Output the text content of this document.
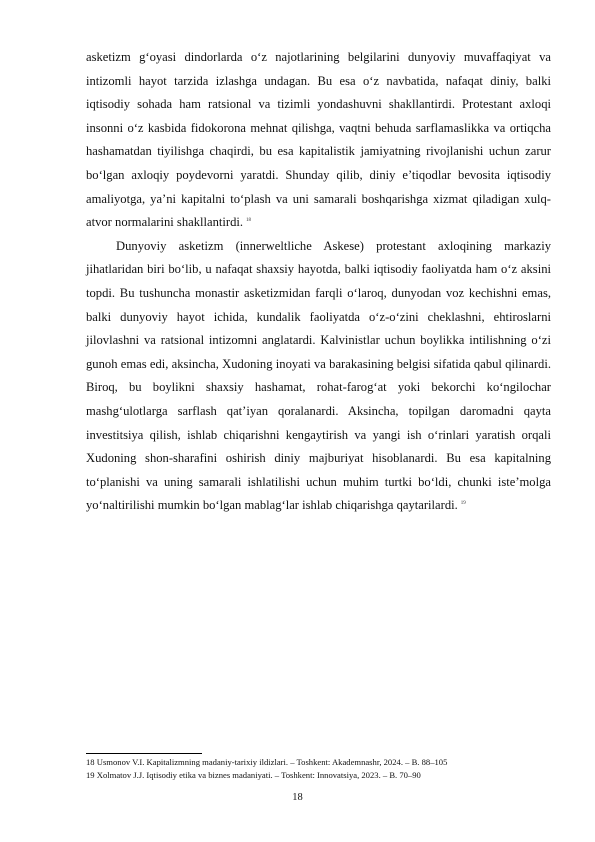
asketizm g‘oyasi dindorlarda o‘z najotlarining belgilarini dunyoviy muvaffaqiyat va intizomli hayot tarzida izlashga undagan. Bu esa o‘z navbatida, nafaqat diniy, balki iqtisodiy sohada ham ratsional va tizimli yondashuvni shakllantirdi. Protestant axloqi insonni o‘z kasbida fidokorona mehnat qilishga, vaqtni behuda sarflamaslikka va ortiqcha hashamatdan tiyilishga chaqirdi, bu esa kapitalistik jamiyatning rivojlanishi uchun zarur bo‘lgan axloqiy poydevorni yaratdi. Shunday qilib, diniy e’tiqodlar bevosita iqtisodiy amaliyotga, ya’ni kapitalni to‘plash va uni samarali boshqarishga xizmat qiladigan xulq-atvor normalarini shakllantirdi. $^{18}$

Dunyoviy asketizm (innerweltliche Askese) protestant axloqining markaziy jihatlaridan biri bo‘lib, u nafaqat shaxsiy hayotda, balki iqtisodiy faoliyatda ham o‘z aksini topdi. Bu tushuncha monastir asketizmidan farqli o‘laroq, dunyodan voz kechishni emas, balki dunyoviy hayot ichida, kundalik faoliyatda o‘z-o‘zini cheklashni, ehtiroslarni jilovlashni va ratsional intizomni anglatardi. Kalvinistlar uchun boylikka intilishning o‘zi gunoh emas edi, aksincha, Xudoning inoyati va barakasining belgisi sifatida qabul qilinardi. Biroq, bu boylikni shaxsiy hashamat, rohat-farog‘at yoki bekorchi ko‘ngilochar mashg‘ulotlarga sarflash qat’iyan qoralanardi. Aksincha, topilgan daromadni qayta investitsiya qilish, ishlab chiqarishni kengaytirish va yangi ish o‘rinlari yaratish orqali Xudoning shon-sharafini oshirish diniy majburiyat hisoblanardi. Bu esa kapitalning to‘planishi va uning samarali ishlatilishi uchun muhim turtki bo‘ldi, chunki iste’molga yo‘naltirilishi mumkin bo‘lgan mablag‘lar ishlab chiqarishga qaytarilardi. $^{19}$

18 Usmonov V.I. Kapitalizmning madaniy-tarixiy ildizlari. – Toshkent: Akademnashr, 2024. – B. 88–105

19 Xolmatov J.J. Iqtisodiy etika va biznes madaniyati. – Toshkent: Innovatsiya, 2023. – B. 70–90

18
